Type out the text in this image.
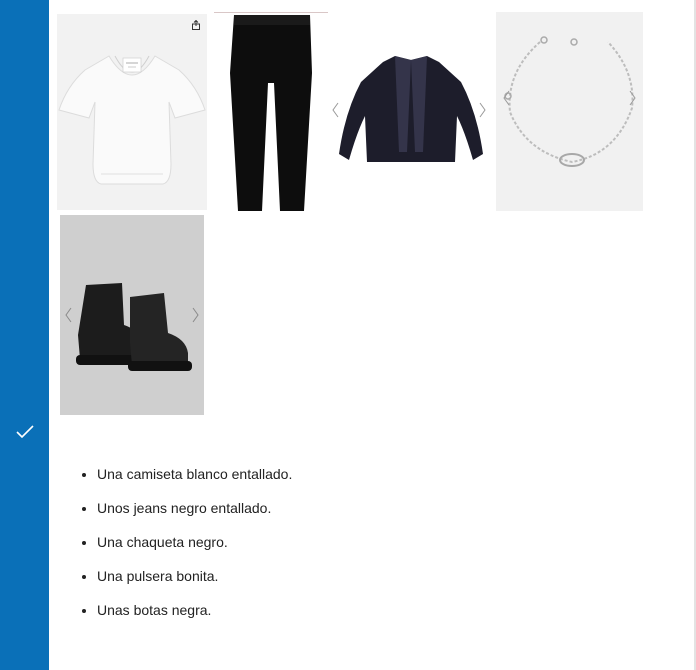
• Una camiseta blanco entallado.
• Unos jeans negro entallado.
• Una chaqueta negro.
• Una pulsera bonita.
• Unas botas negra.
